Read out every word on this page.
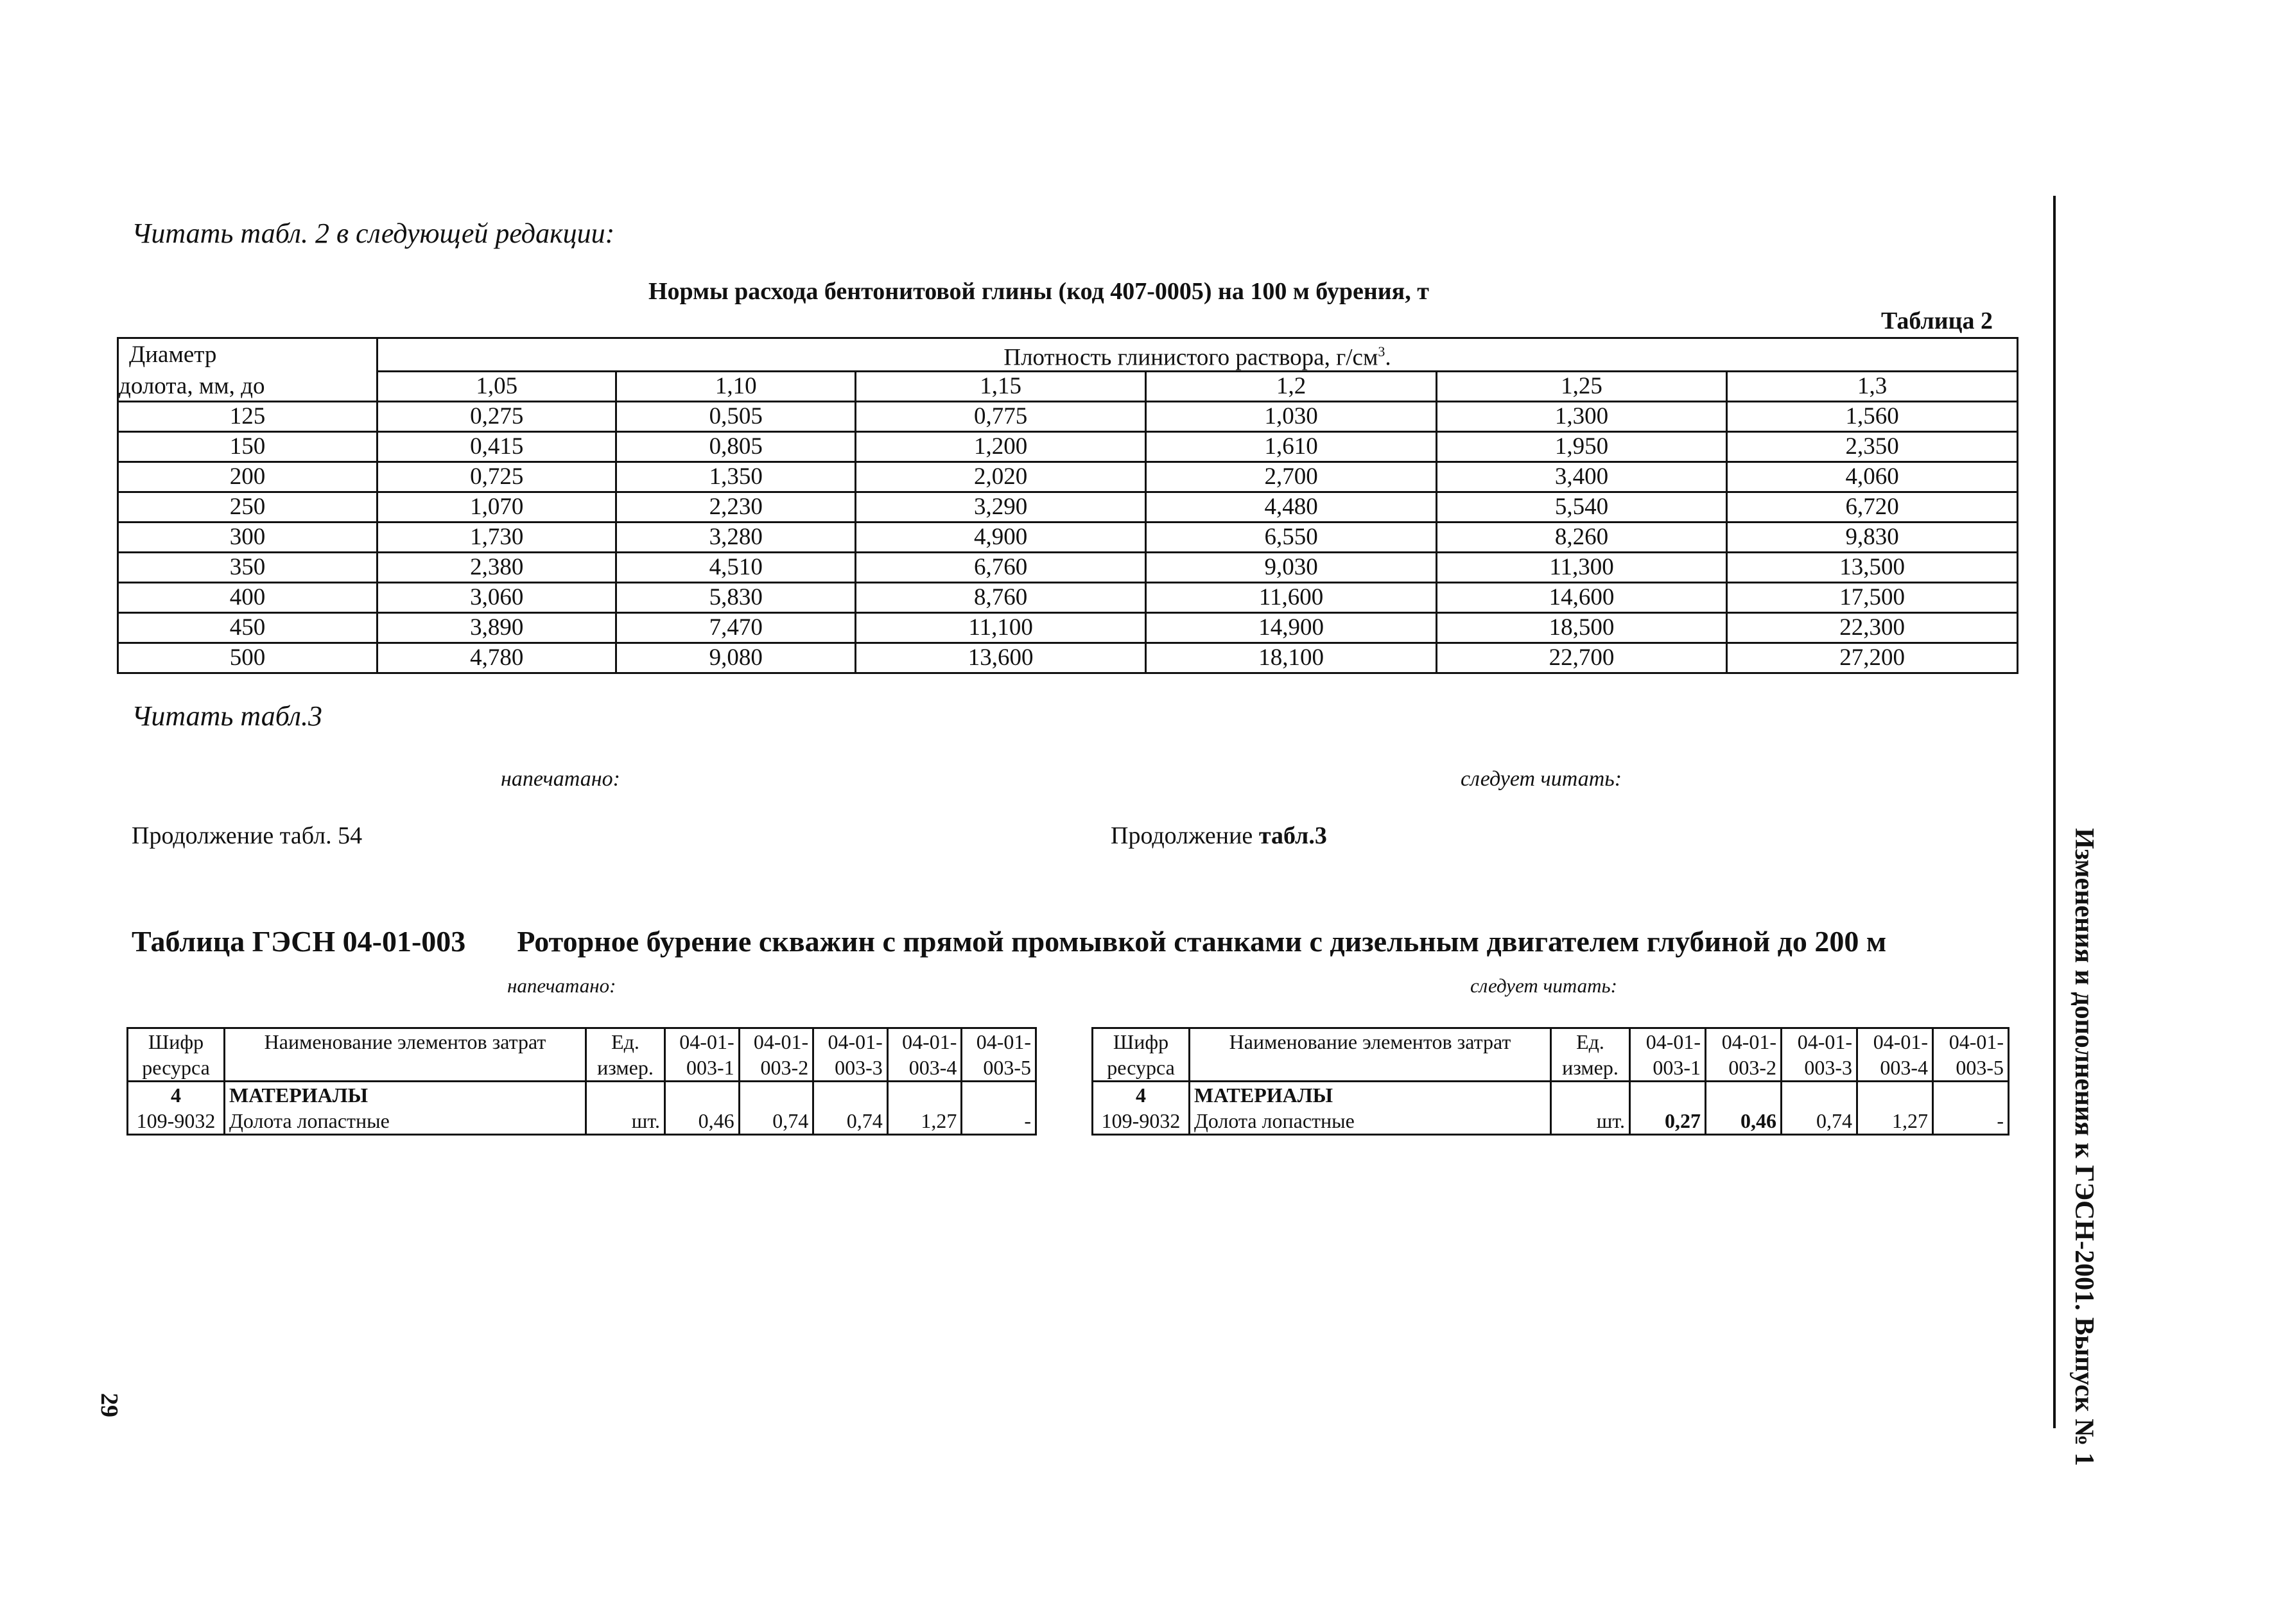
Читать табл. 2 в следующей редакции:
Нормы расхода бентонитовой глины (код 407-0005) на 100 м бурения, т
Таблица 2
Диаметр	Плотность глинистого раствора, $г/см^3$.					
долота, мм, до	1,05	1,10	1,15	1,2	1,25	1,3
125	0,275	0,505	0,775	1,030	1,300	1,560
150	0,415	0,805	1,200	1,610	1,950	2,350
200	0,725	1,350	2,020	2,700	3,400	4,060
250	1,070	2,230	3,290	4,480	5,540	6,720
300	1,730	3,280	4,900	6,550	8,260	9,830
350	2,380	4,510	6,760	9,030	11,300	13,500
400	3,060	5,830	8,760	11,600	14,600	17,500
450	3,890	7,470	11,100	14,900	18,500	22,300
500	4,780	9,080	13,600	18,100	22,700	27,200
Читать табл.3
напечатано:	следует читать:
Продолжение табл. 54	Продолжение табл.3
Таблица ГЭСН 04-01-003 Роторное бурение скважин с прямой промывкой станками с дизельным двигателем глубиной до 200 м
напечатано:	следует читать:
Шифр	Наименование элементов затрат	Ед.	04-01-	04-01-	04-01-	04-01-	04-01-
ресурса		измер.	003-1	003-2	003-3	003-4	003-5
4	МАТЕРИАЛЫ						
109-9032	Долота лопастные	шт.	0,46	0,74	0,74	1,27	-
Шифр	Наименование элементов затрат	Ед.	04-01-	04-01-	04-01-	04-01-	04-01-
ресурса		измер.	003-1	003-2	003-3	003-4	003-5
4	МАТЕРИАЛЫ						
109-9032	Долота лопастные	шт.	0,27	0,46	0,74	1,27	- Изменения и дополнения к ГЭСН-2001. Выпуск № 1
29
